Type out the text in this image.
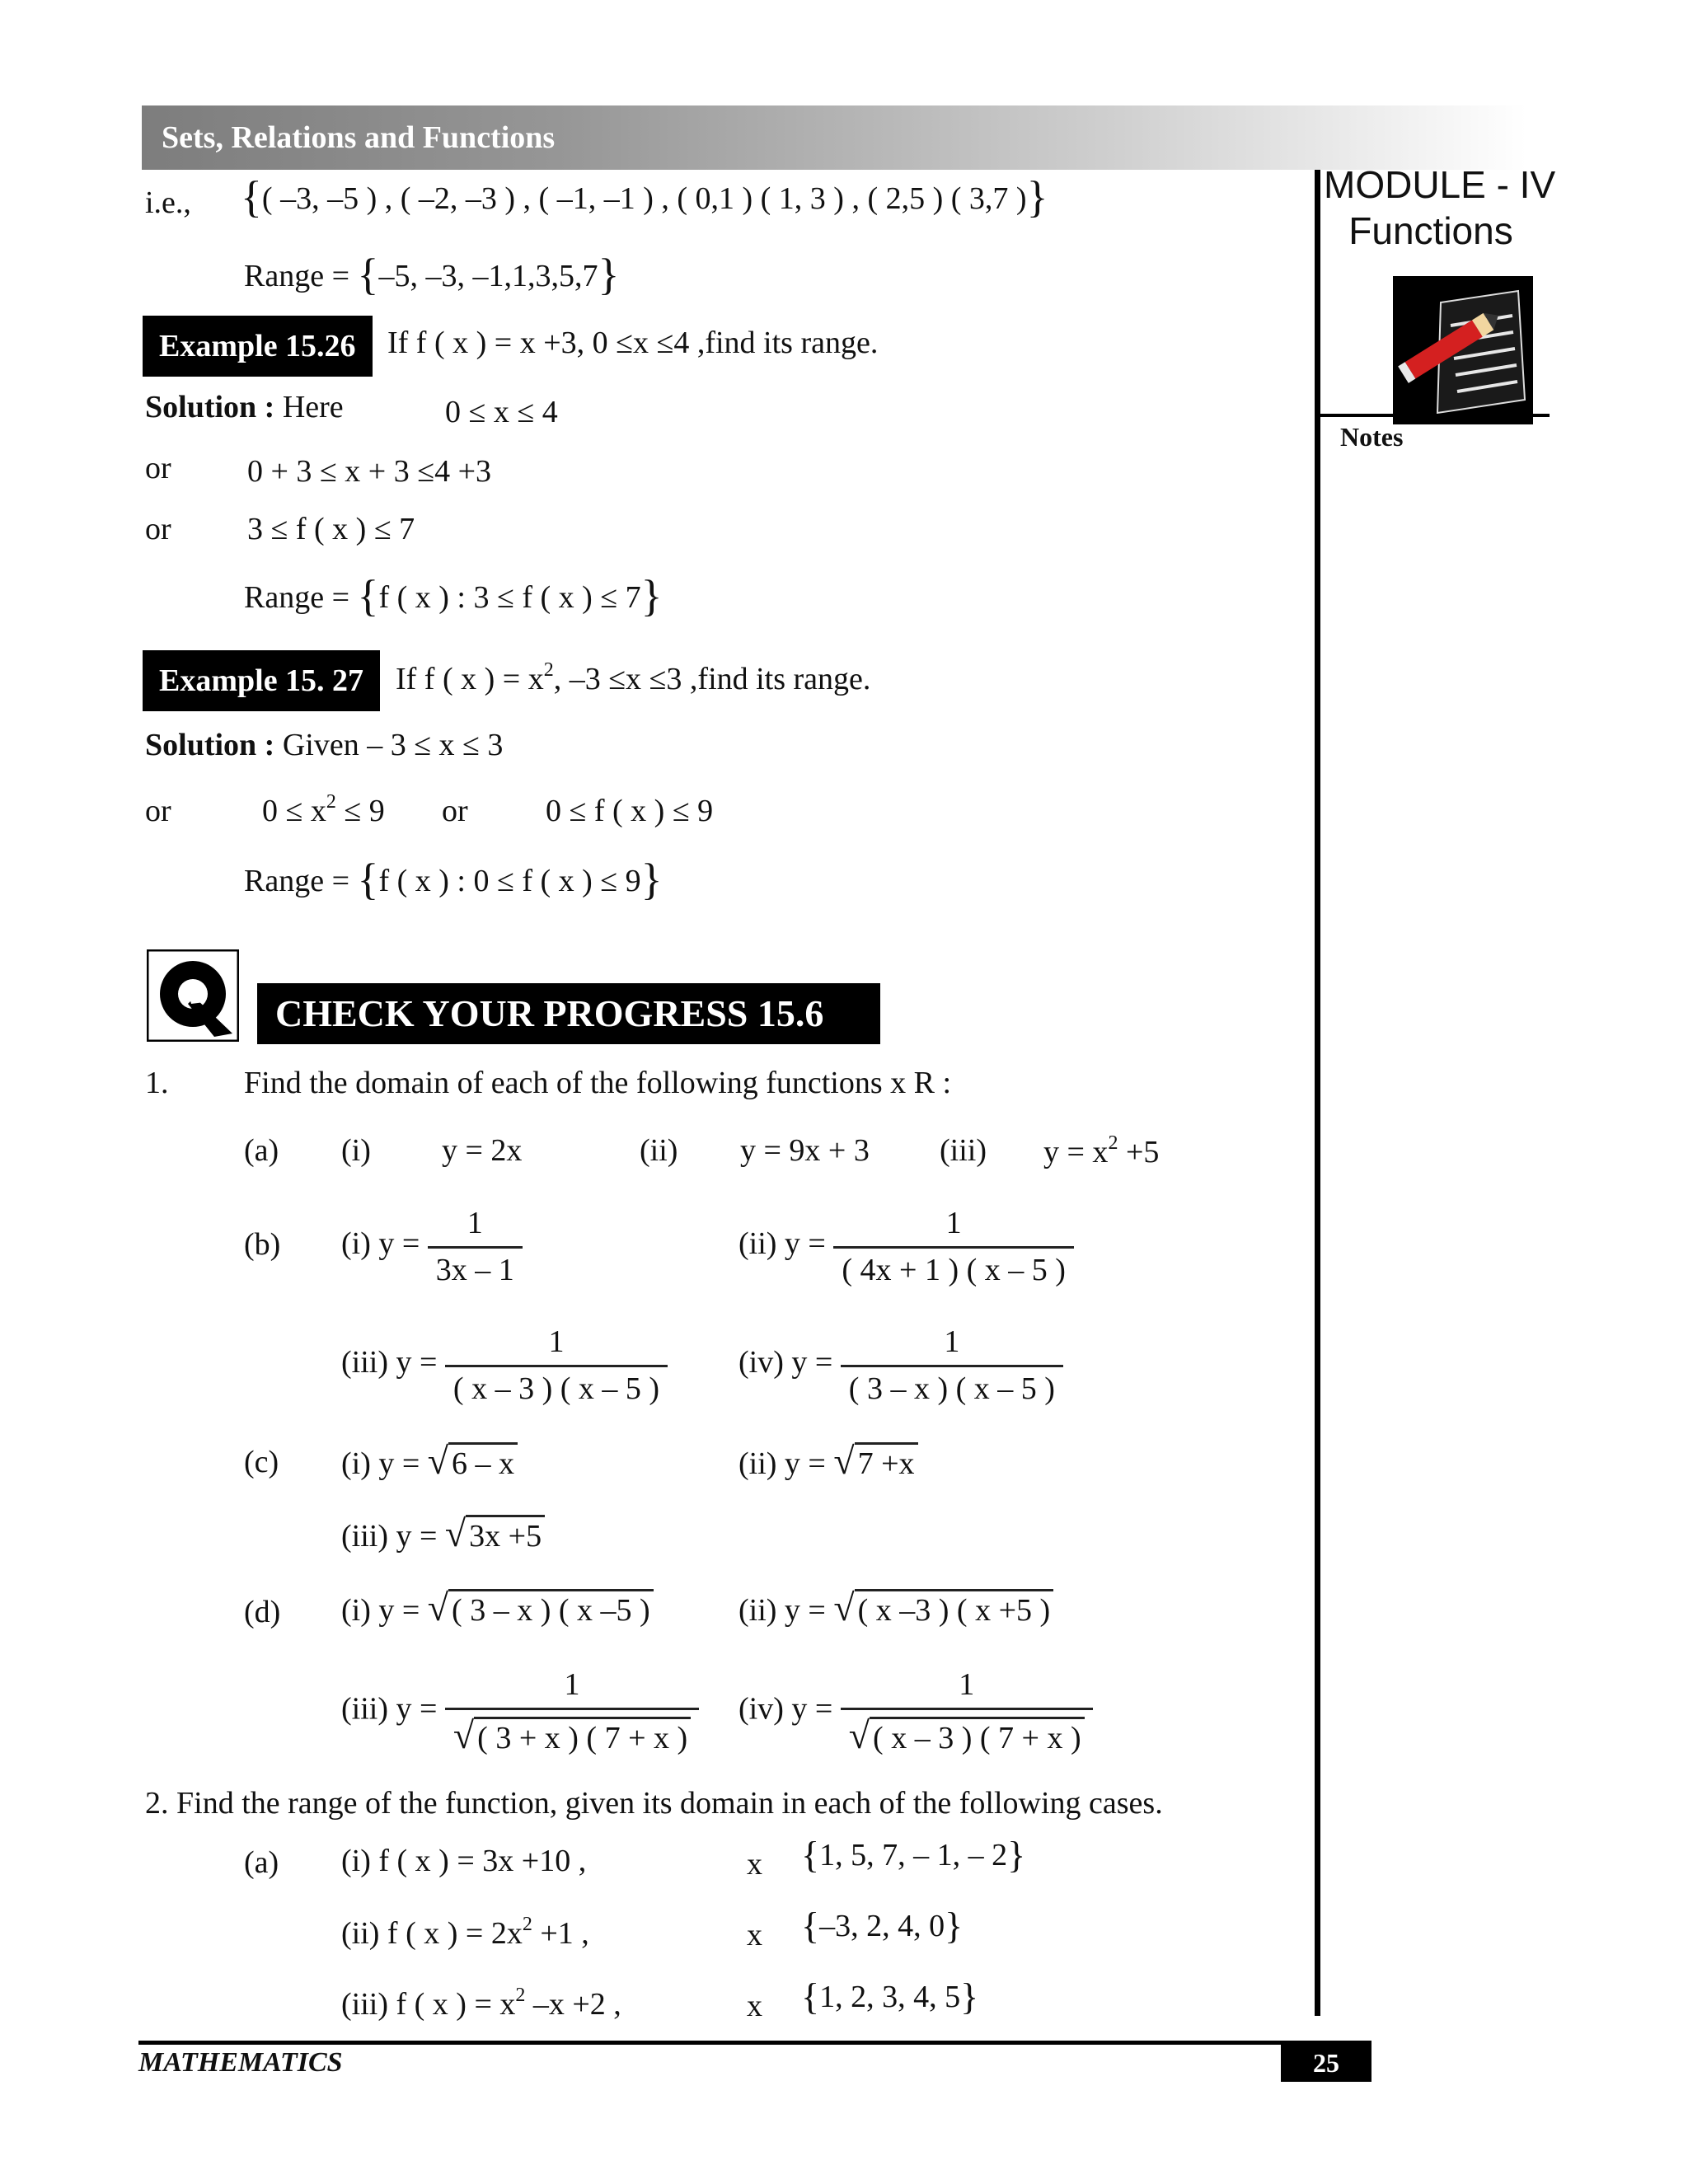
Sets, Relations and Functions
MODULE - IV
Functions
Notes
i.e., {( –3, –5 ) , ( –2, –3 ) , ( –1, –1 ) , ( 0,1 ) ( 1, 3 ) , ( 2,5 ) ( 3,7 )}
Range = {–5, –3, –1,1,3,5,7}
Example 15.26	If f ( x ) = x +3, 0 ≤x ≤4 ,find its range.
Solution : Here	0 ≤ x ≤ 4
or 0 + 3 ≤ x + 3 ≤4 +3
or 3 ≤ f ( x ) ≤ 7
Range = {f ( x ) : 3 ≤ f ( x ) ≤ 7}
Example 15. 27	If f ( x ) = $x^2$, –3 ≤x ≤3 ,find its range.
Solution : Given – 3 ≤ x ≤ 3
or	$0 \le x^2 \le 9$ or 0 ≤ f ( x ) ≤ 9
Range = {f ( x ) : 0 ≤ f ( x ) ≤ 9}
CHECK YOUR PROGRESS 15.6
1. Find the domain of each of the following functions x R :
(a) (i) y = 2x	(ii) y = 9x + 3 (iii) $y = x^2 +5$
(b) (i) $y = \frac{1}{3x - 1}$	(ii) $y = \frac{1}{( 4x + 1 ) ( x - 5 )}$
(iii) $y = \frac{1}{( x - 3 ) ( x - 5 )} (iv) y = \frac{1}{( 3 - x ) ( x - 5 )}$
(c) (i) y = √ 6 – x	(ii) y = √ 7 +x
(iii) y = √ 3x +5
(d) (i) y = √ ( 3 – x ) ( x –5 )	(ii) y = √ ( x –3 ) ( x +5 )
(iii) $y = \frac{1}{√ ( 3 + x ) ( 7 + x )} (iv) y = \frac{1}{√ ( x - 3 ) ( 7 + x )}$
2. Find the range of the function, given its domain in each of the following cases.
(a) (i) f ( x ) = 3x +10 ,	x {1, 5, 7, – 1, – 2}
(ii) f ( x ) = $2x^2 +1$ ,	x {–3, 2, 4, 0}
(iii) f ( x ) = $x^2$ –x +2 ,	x {1, 2, 3, 4, 5}
MATHEMATICS	25
